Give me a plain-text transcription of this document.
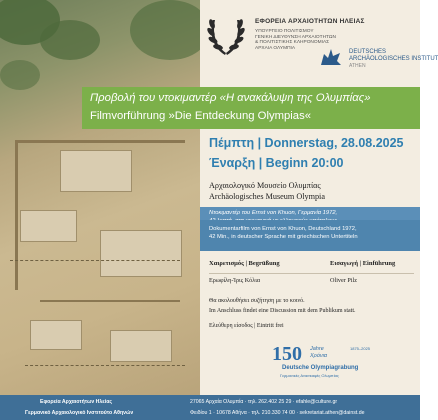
ΕΦΟΡΕΙΑ ΑΡΧΑΙΟΤΗΤΩΝ ΗΛΕΙΑΣ
ΥΠΟΥΡΓΕΙΟ ΠΟΛΙΤΙΣΜΟΥ
ΓΕΝΙΚΗ ΔΙΕΥΘΥΝΣΗ ΑΡΧΑΙΟΤΗΤΩΝ
& ΠΟΛΙΤΙΣΤΙΚΗΣ ΚΛΗΡΟΝΟΜΙΑΣ
ΑΡΧΑΙΑ ΟΛΥΜΠΙΑ
DEUTSCHES
ARCHÄOLOGISCHES INSTITUT
ATHEN
Προβολή του ντοκιμαντέρ «Η ανακάλυψη της Ολυμπίας»
Filmvorführung »Die Entdeckung Olympias«
Πέμπτη | Donnerstag, 28.08.2025
Έναρξη | Beginn 20:00
Αρχαιολογικό Μουσείο Ολυμπίας
Archäologisches Museum Olympia
Ντοκιμαντέρ του Ernst von Khuon, Γερμανία 1972,
Dokumentarfilm von Ernst von Khuon, Deutschland 1972,
42 Min., in deutscher Sprache mit griechischen Untertiteln
Χαιρετισμός | Begrüßung	Εισαγωγή | Einführung
Ερωφίλη-Ίρις Κόλια	Oliver Pilz
Θα ακολουθήσει συζήτηση με το κοινό.
Im Anschluss findet eine Discussion mit dem Publikum statt.
Ελεύθερη είσοδος | Eintritt frei
150 Jahre
Χρόνια
1875–2025
Deutsche Olympiagrabung
Γερμανικές Ανασκαφές Ολυμπίας
Εφορεία Αρχαιοτήτων Ηλείας	27065 Αρχαία Ολυμπία · τηλ. 262.402 25 29 · efahle@culture.gr
Γερμανικό Αρχαιολογικό Ινστιτούτο Αθηνών	Φειδίου 1 · 10678 Αθήνα · τηλ. 210.330 74 00 · sekretariat.athen@dainst.de
